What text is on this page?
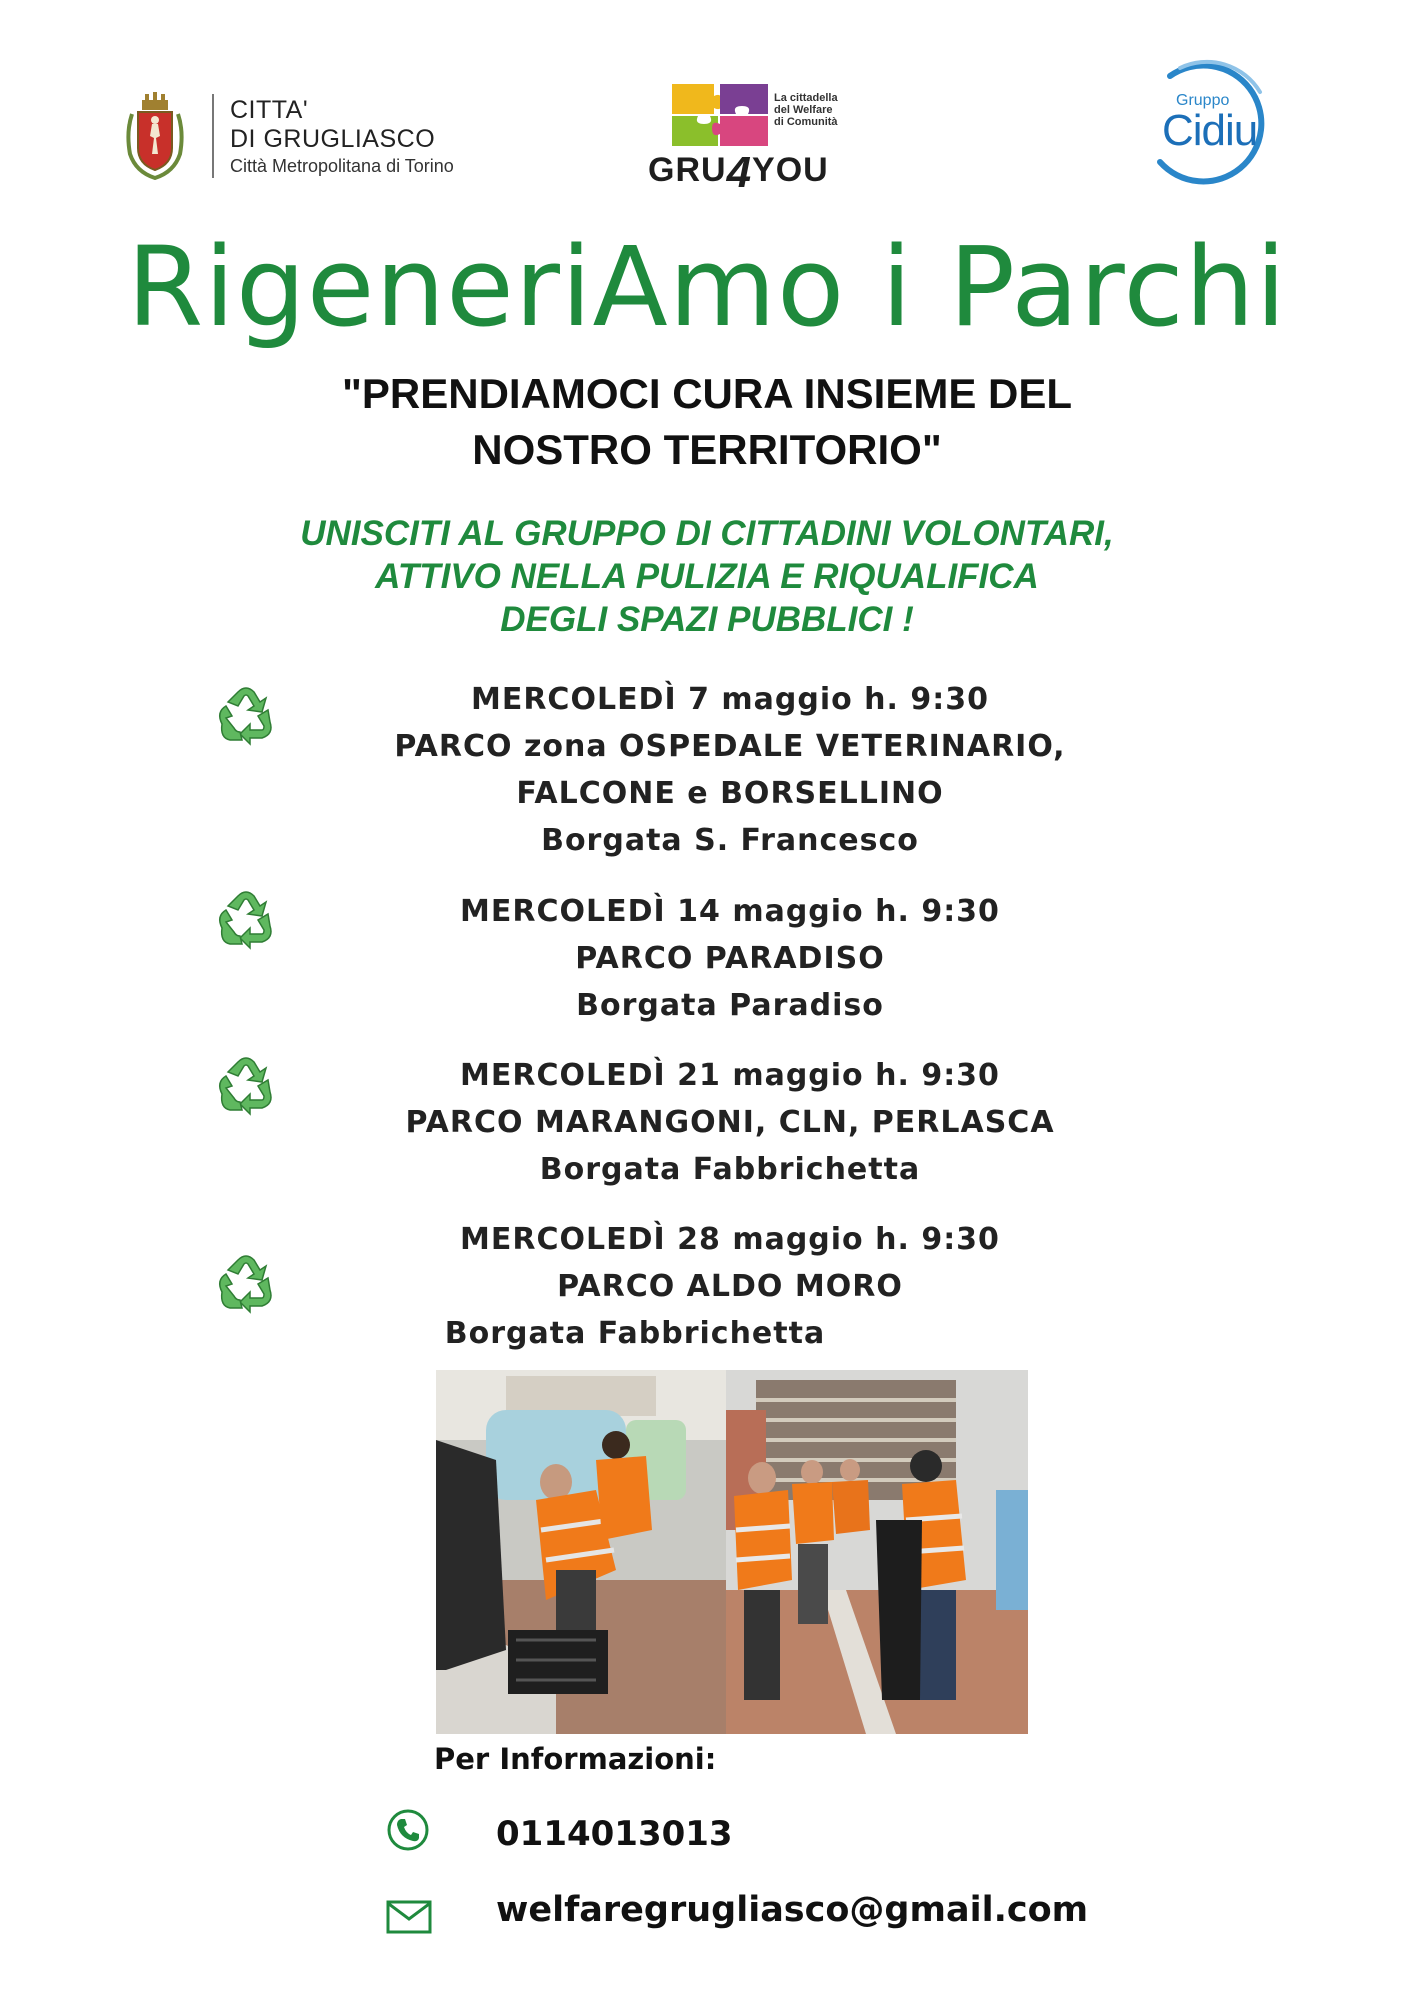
CITTA'
DI GRUGLIASCO
Città Metropolitana di Torino
La cittadella
del Welfare
di Comunità
GRU4YOU
Gruppo
Cidiu
RigeneriAmo i Parchi
"PRENDIAMOCI CURA INSIEME DEL
NOSTRO TERRITORIO"
UNISCITI AL GRUPPO DI CITTADINI VOLONTARI,
ATTIVO NELLA PULIZIA E RIQUALIFICA
DEGLI SPAZI PUBBLICI !
MERCOLEDÌ 7 maggio h. 9:30
PARCO zona OSPEDALE VETERINARIO,
FALCONE e BORSELLINO
Borgata S. Francesco
MERCOLEDÌ 14 maggio h. 9:30
PARCO PARADISO
Borgata Paradiso
MERCOLEDÌ 21 maggio h. 9:30
PARCO MARANGONI, CLN, PERLASCA
Borgata Fabbrichetta
MERCOLEDÌ 28 maggio h. 9:30
PARCO ALDO MORO
Borgata Fabbrichetta
Per Informazioni:
0114013013
welfaregrugliasco@gmail.com
